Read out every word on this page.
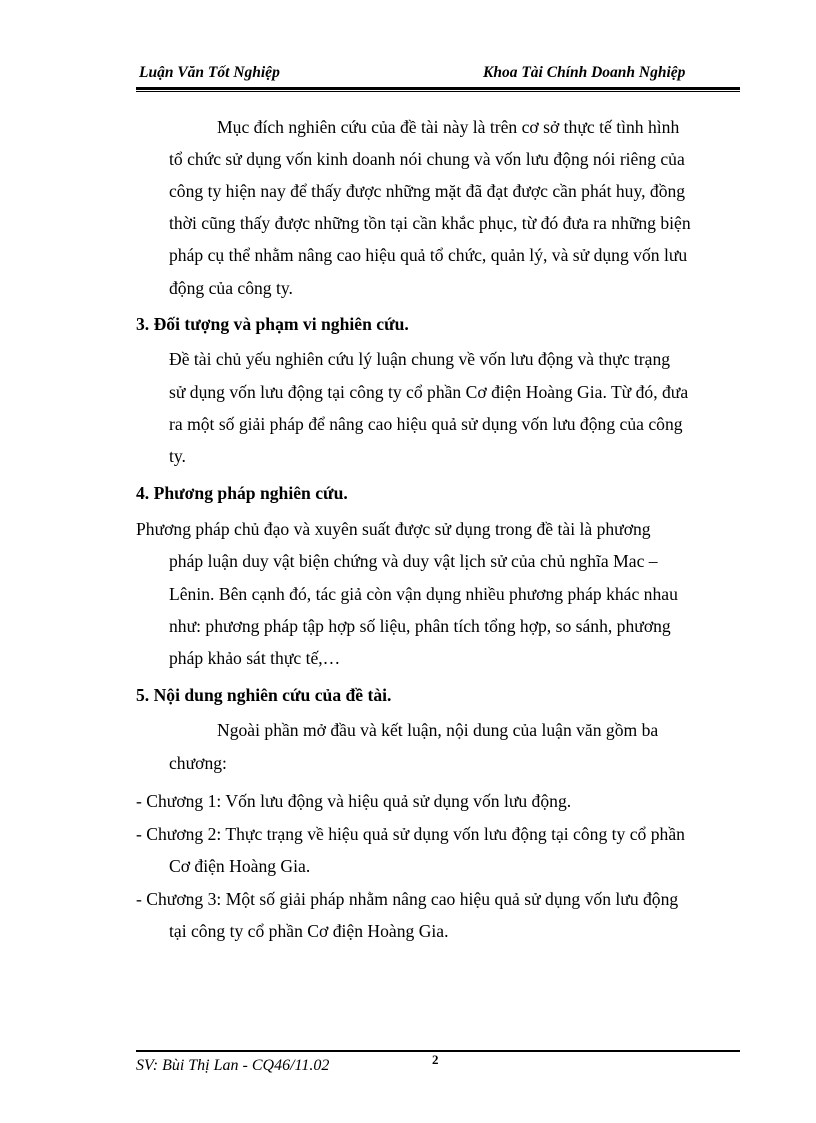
Luận Văn Tốt Nghiệp	Khoa Tài Chính Doanh Nghiệp
Mục đích nghiên cứu của đề tài này là trên cơ sở thực tế tình hình
tổ chức sử dụng vốn kinh doanh nói chung và vốn lưu động nói riêng của
công ty hiện nay để thấy được những mặt đã đạt được cần phát huy, đồng
thời cũng thấy được những tồn tại cần khắc phục, từ đó đưa ra những biện
pháp cụ thể nhằm nâng cao hiệu quả tổ chức, quản lý, và sử dụng vốn lưu
động của công ty.
3. Đối tượng và phạm vi nghiên cứu.
Đề tài chủ yếu nghiên cứu lý luận chung về vốn lưu động và thực trạng
sử dụng vốn lưu động tại công ty cổ phần Cơ điện Hoàng Gia. Từ đó, đưa
ra một số giải pháp để nâng cao hiệu quả sử dụng vốn lưu động của công
ty.
4. Phương pháp nghiên cứu.
Phương pháp chủ đạo và xuyên suất được sử dụng trong đề tài là phương
pháp luận duy vật biện chứng và duy vật lịch sử của chủ nghĩa Mac –
Lênin. Bên cạnh đó, tác giả còn vận dụng nhiều phương pháp khác nhau
như: phương pháp tập hợp số liệu, phân tích tổng hợp, so sánh, phương
pháp khảo sát thực tế,…
5. Nội dung nghiên cứu của đề tài.
Ngoài phần mở đầu và kết luận, nội dung của luận văn gồm ba
chương:
- Chương 1: Vốn lưu động và hiệu quả sử dụng vốn lưu động.
- Chương 2: Thực trạng về hiệu quả sử dụng vốn lưu động tại công ty cổ phần
Cơ điện Hoàng Gia.
- Chương 3: Một số giải pháp nhằm nâng cao hiệu quả sử dụng vốn lưu động
tại công ty cổ phần Cơ điện Hoàng Gia.
SV: Bùi Thị Lan - CQ46/11.02	2
